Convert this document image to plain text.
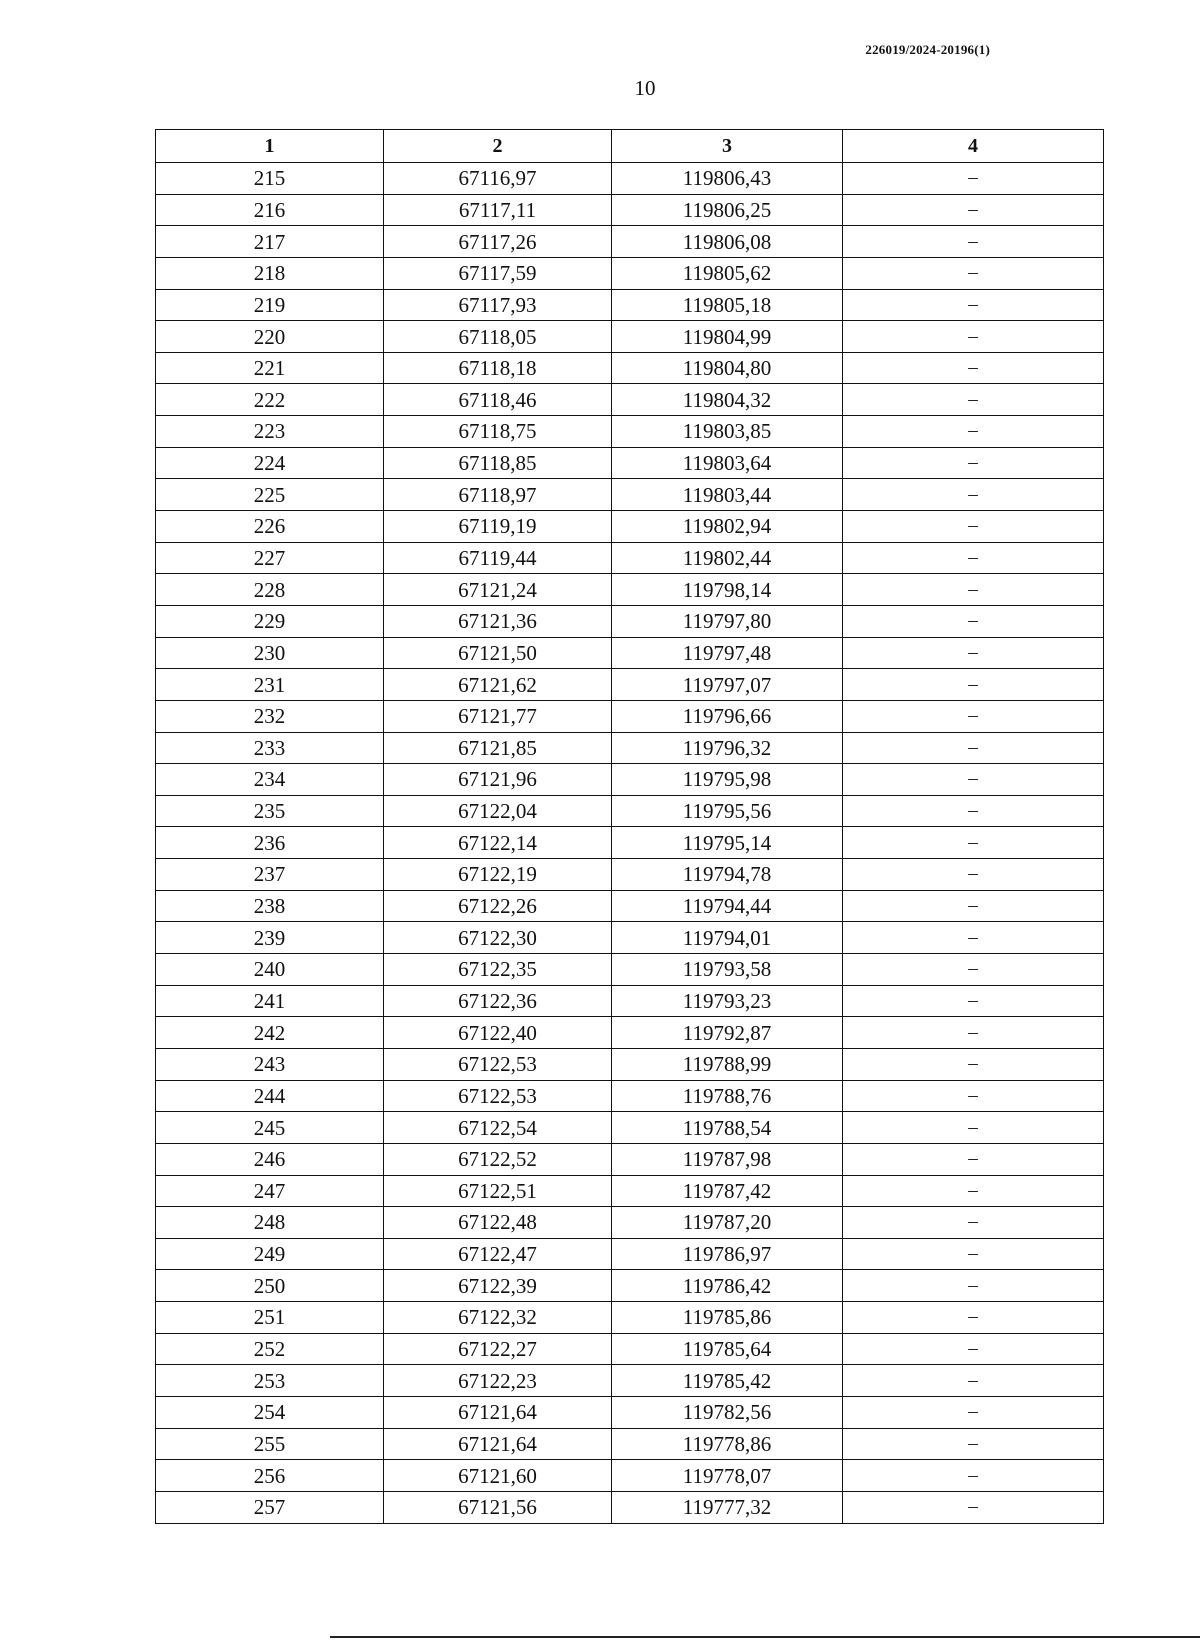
226019/2024-20196(1)
10
1	2	3	4
215	67116,97	119806,43	–
216	67117,11	119806,25	–
217	67117,26	119806,08	–
218	67117,59	119805,62	–
219	67117,93	119805,18	–
220	67118,05	119804,99	–
221	67118,18	119804,80	–
222	67118,46	119804,32	–
223	67118,75	119803,85	–
224	67118,85	119803,64	–
225	67118,97	119803,44	–
226	67119,19	119802,94	–
227	67119,44	119802,44	–
228	67121,24	119798,14	–
229	67121,36	119797,80	–
230	67121,50	119797,48	–
231	67121,62	119797,07	–
232	67121,77	119796,66	–
233	67121,85	119796,32	–
234	67121,96	119795,98	–
235	67122,04	119795,56	–
236	67122,14	119795,14	–
237	67122,19	119794,78	–
238	67122,26	119794,44	–
239	67122,30	119794,01	–
240	67122,35	119793,58	–
241	67122,36	119793,23	–
242	67122,40	119792,87	–
243	67122,53	119788,99	–
244	67122,53	119788,76	–
245	67122,54	119788,54	–
246	67122,52	119787,98	–
247	67122,51	119787,42	–
248	67122,48	119787,20	–
249	67122,47	119786,97	–
250	67122,39	119786,42	–
251	67122,32	119785,86	–
252	67122,27	119785,64	–
253	67122,23	119785,42	–
254	67121,64	119782,56	–
255	67121,64	119778,86	–
256	67121,60	119778,07	–
257	67121,56	119777,32	–
